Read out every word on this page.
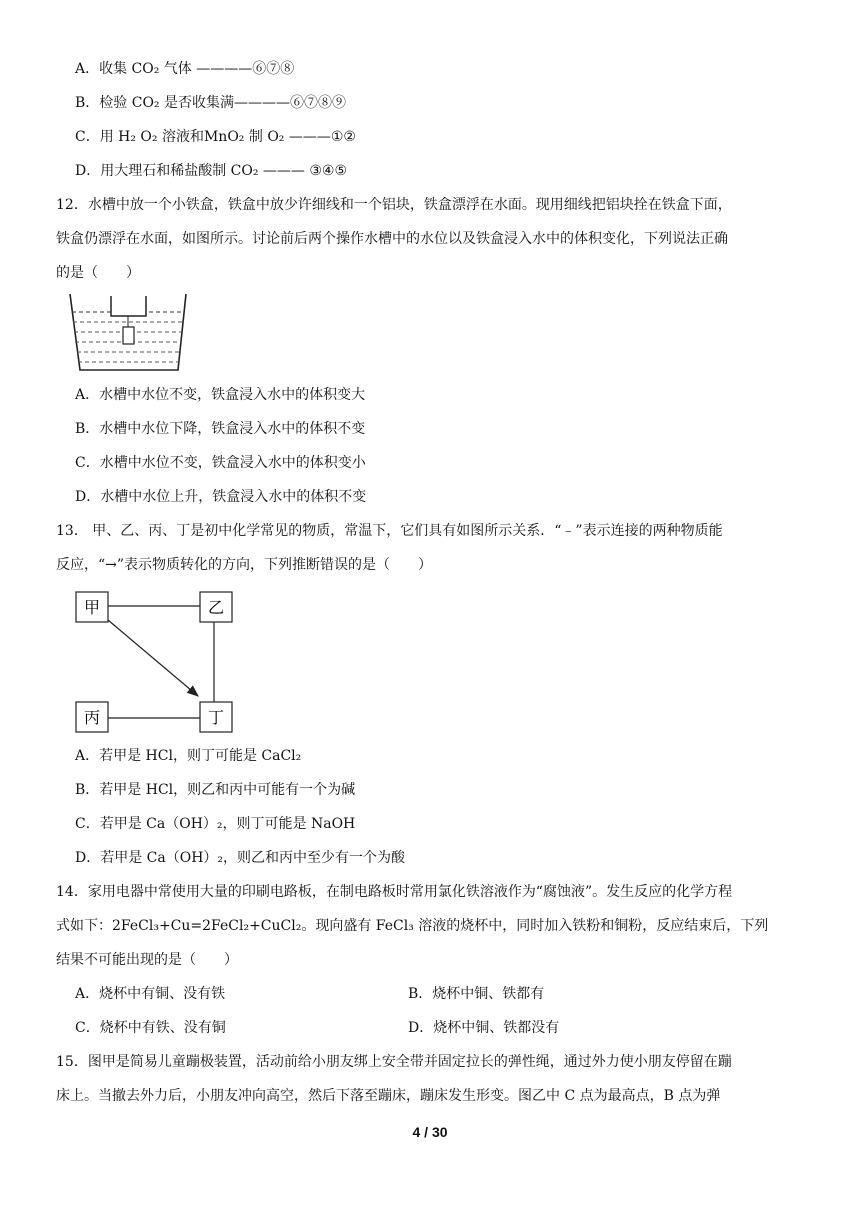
A．收集 CO₂ 气体 ————⑥⑦⑧
B．检验 CO₂ 是否收集满————⑥⑦⑧⑨
C．用 H₂ O₂ 溶液和MnO₂ 制 O₂ ———①②
D．用大理石和稀盐酸制 CO₂ ——— ③④⑤
12．水槽中放一个小铁盒，铁盒中放少许细线和一个铝块，铁盒漂浮在水面。现用细线把铝块拴在铁盒下面，
铁盒仍漂浮在水面，如图所示。讨论前后两个操作水槽中的水位以及铁盒浸入水中的体积变化，下列说法正确
的是（　　）
A．水槽中水位不变，铁盒浸入水中的体积变大
B．水槽中水位下降，铁盒浸入水中的体积不变
C．水槽中水位不变，铁盒浸入水中的体积变小
D．水槽中水位上升，铁盒浸入水中的体积不变
13． 甲、乙、丙、丁是初中化学常见的物质，常温下，它们具有如图所示关系．“﹣”表示连接的两种物质能
反应，“→”表示物质转化的方向，下列推断错误的是（　　）
甲	乙
丙	丁
A．若甲是 HCl，则丁可能是 CaCl₂
B．若甲是 HCl，则乙和丙中可能有一个为碱
C．若甲是 Ca（OH）₂，则丁可能是 NaOH
D．若甲是 Ca（OH）₂，则乙和丙中至少有一个为酸
14．家用电器中常使用大量的印刷电路板，在制电路板时常用氯化铁溶液作为“腐蚀液”。发生反应的化学方程
式如下：2FeCl₃+Cu=2FeCl₂+CuCl₂。现向盛有 FeCl₃ 溶液的烧杯中，同时加入铁粉和铜粉，反应结束后，下列
结果不可能出现的是（　　）
A．烧杯中有铜、没有铁	B．烧杯中铜、铁都有
C．烧杯中有铁、没有铜	D．烧杯中铜、铁都没有
15．图甲是简易儿童蹦极装置，活动前给小朋友绑上安全带并固定拉长的弹性绳，通过外力使小朋友停留在蹦
床上。当撤去外力后，小朋友冲向高空，然后下落至蹦床，蹦床发生形变。图乙中 C 点为最高点，B 点为弹
4 / 30
